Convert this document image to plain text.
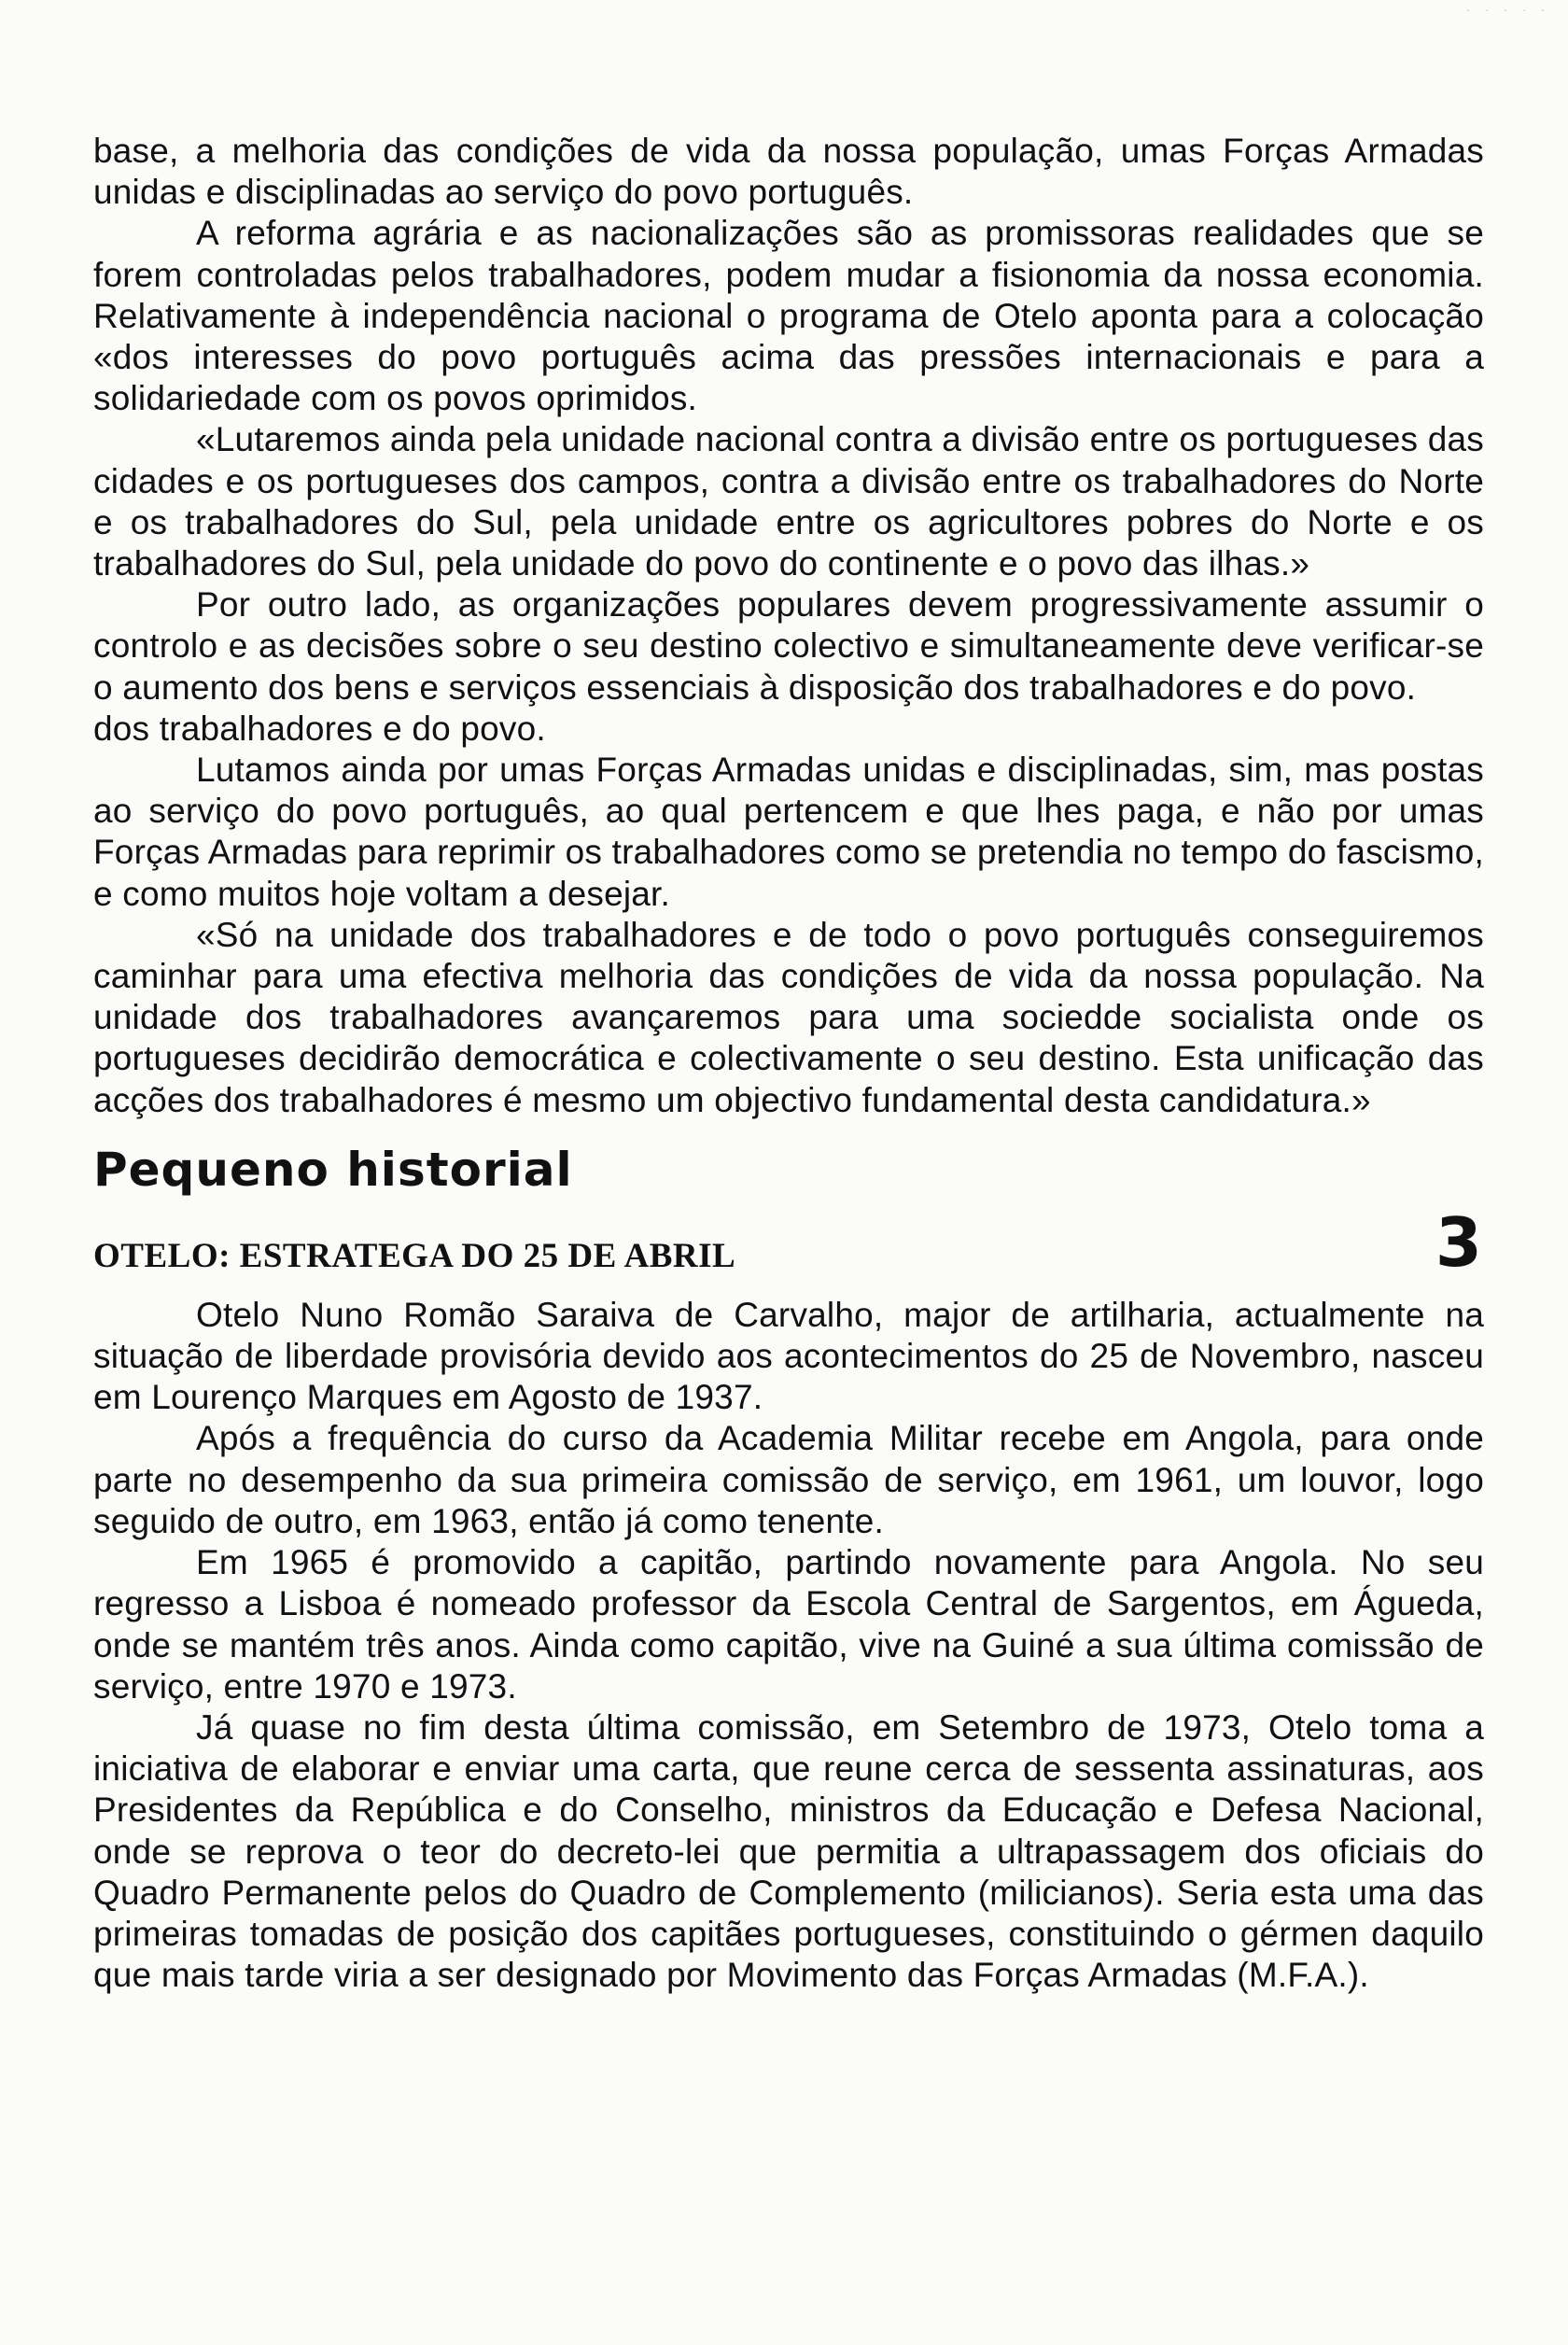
- - - - -

base, a melhoria das condições de vida da nossa população, umas Forças Armadas unidas e disciplinadas ao serviço do povo português.

A reforma agrária e as nacionalizações são as promissoras realidades que se forem controladas pelos trabalhadores, podem mudar a fisionomia da nossa economia. Relativamente à independência nacional o programa de Otelo aponta para a colocação «dos interesses do povo português acima das pressões internacionais e para a solidariedade com os povos oprimidos.

«Lutaremos ainda pela unidade nacional contra a divisão entre os portugueses das cidades e os portugueses dos campos, contra a divisão entre os trabalhadores do Norte e os trabalhadores do Sul, pela unidade entre os agricultores pobres do Norte e os trabalhadores do Sul, pela unidade do povo do continente e o povo das ilhas.»

Por outro lado, as organizações populares devem progressivamente assumir o controlo e as decisões sobre o seu destino colectivo e simultaneamente deve verificar-se o aumento dos bens e serviços essenciais à disposição dos trabalhadores e do povo.

dos trabalhadores e do povo.

Lutamos ainda por umas Forças Armadas unidas e disciplinadas, sim, mas postas ao serviço do povo português, ao qual pertencem e que lhes paga, e não por umas Forças Armadas para reprimir os trabalhadores como se pretendia no tempo do fascismo, e como muitos hoje voltam a desejar.

«Só na unidade dos trabalhadores e de todo o povo português conseguiremos caminhar para uma efectiva melhoria das condições de vida da nossa população. Na unidade dos trabalhadores avançaremos para uma sociedde socialista onde os portugueses decidirão democrática e colectivamente o seu destino. Esta unificação das acções dos trabalhadores é mesmo um objectivo fundamental desta candidatura.»

Pequeno historial
OTELO: ESTRATEGA DO 25 DE ABRIL	3

Otelo Nuno Romão Saraiva de Carvalho, major de artilharia, actualmente na situação de liberdade provisória devido aos acontecimentos do 25 de Novembro, nasceu em Lourenço Marques em Agosto de 1937.

Após a frequência do curso da Academia Militar recebe em Angola, para onde parte no desempenho da sua primeira comissão de serviço, em 1961, um louvor, logo seguido de outro, em 1963, então já como tenente.

Em 1965 é promovido a capitão, partindo novamente para Angola. No seu regresso a Lisboa é nomeado professor da Escola Central de Sargentos, em Águeda, onde se mantém três anos. Ainda como capitão, vive na Guiné a sua última comissão de serviço, entre 1970 e 1973.

Já quase no fim desta última comissão, em Setembro de 1973, Otelo toma a iniciativa de elaborar e enviar uma carta, que reune cerca de sessenta assinaturas, aos Presidentes da República e do Conselho, ministros da Educação e Defesa Nacional, onde se reprova o teor do decreto-lei que permitia a ultrapassagem dos oficiais do Quadro Permanente pelos do Quadro de Complemento (milicianos). Seria esta uma das primeiras tomadas de posição dos capitães portugueses, constituindo o gérmen daquilo que mais tarde viria a ser designado por Movimento das Forças Armadas (M.F.A.).
